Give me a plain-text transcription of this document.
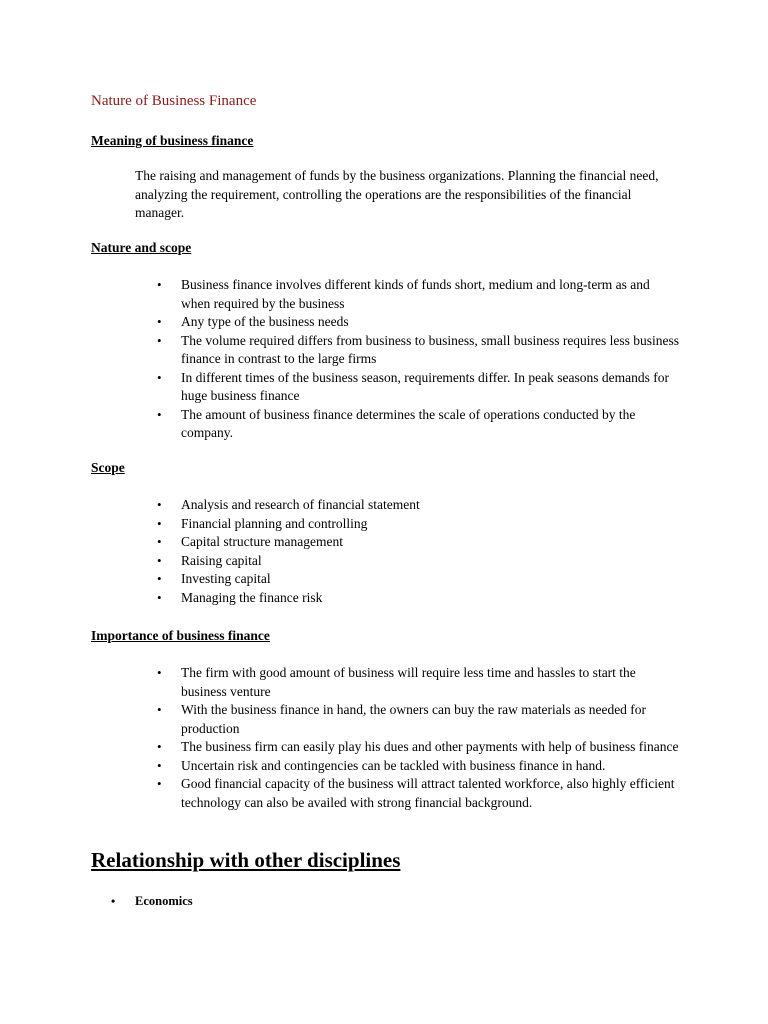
Nature of Business Finance
Meaning of business finance

The raising and management of funds by the business organizations. Planning the financial need, analyzing the requirement, controlling the operations are the responsibilities of the financial manager.

Nature and scope
• Business finance involves different kinds of funds short, medium and long-term as and when required by the business
• Any type of the business needs
• The volume required differs from business to business, small business requires less business finance in contrast to the large firms
• In different times of the business season, requirements differ. In peak seasons demands for huge business finance
• The amount of business finance determines the scale of operations conducted by the company.
Scope
• Analysis and research of financial statement
• Financial planning and controlling
• Capital structure management
• Raising capital
• Investing capital
• Managing the finance risk
Importance of business finance
• The firm with good amount of business will require less time and hassles to start the business venture
• With the business finance in hand, the owners can buy the raw materials as needed for production
• The business firm can easily play his dues and other payments with help of business finance
• Uncertain risk and contingencies can be tackled with business finance in hand.
• Good financial capacity of the business will attract talented workforce, also highly efficient technology can also be availed with strong financial background.
Relationship with other disciplines
• Economics
